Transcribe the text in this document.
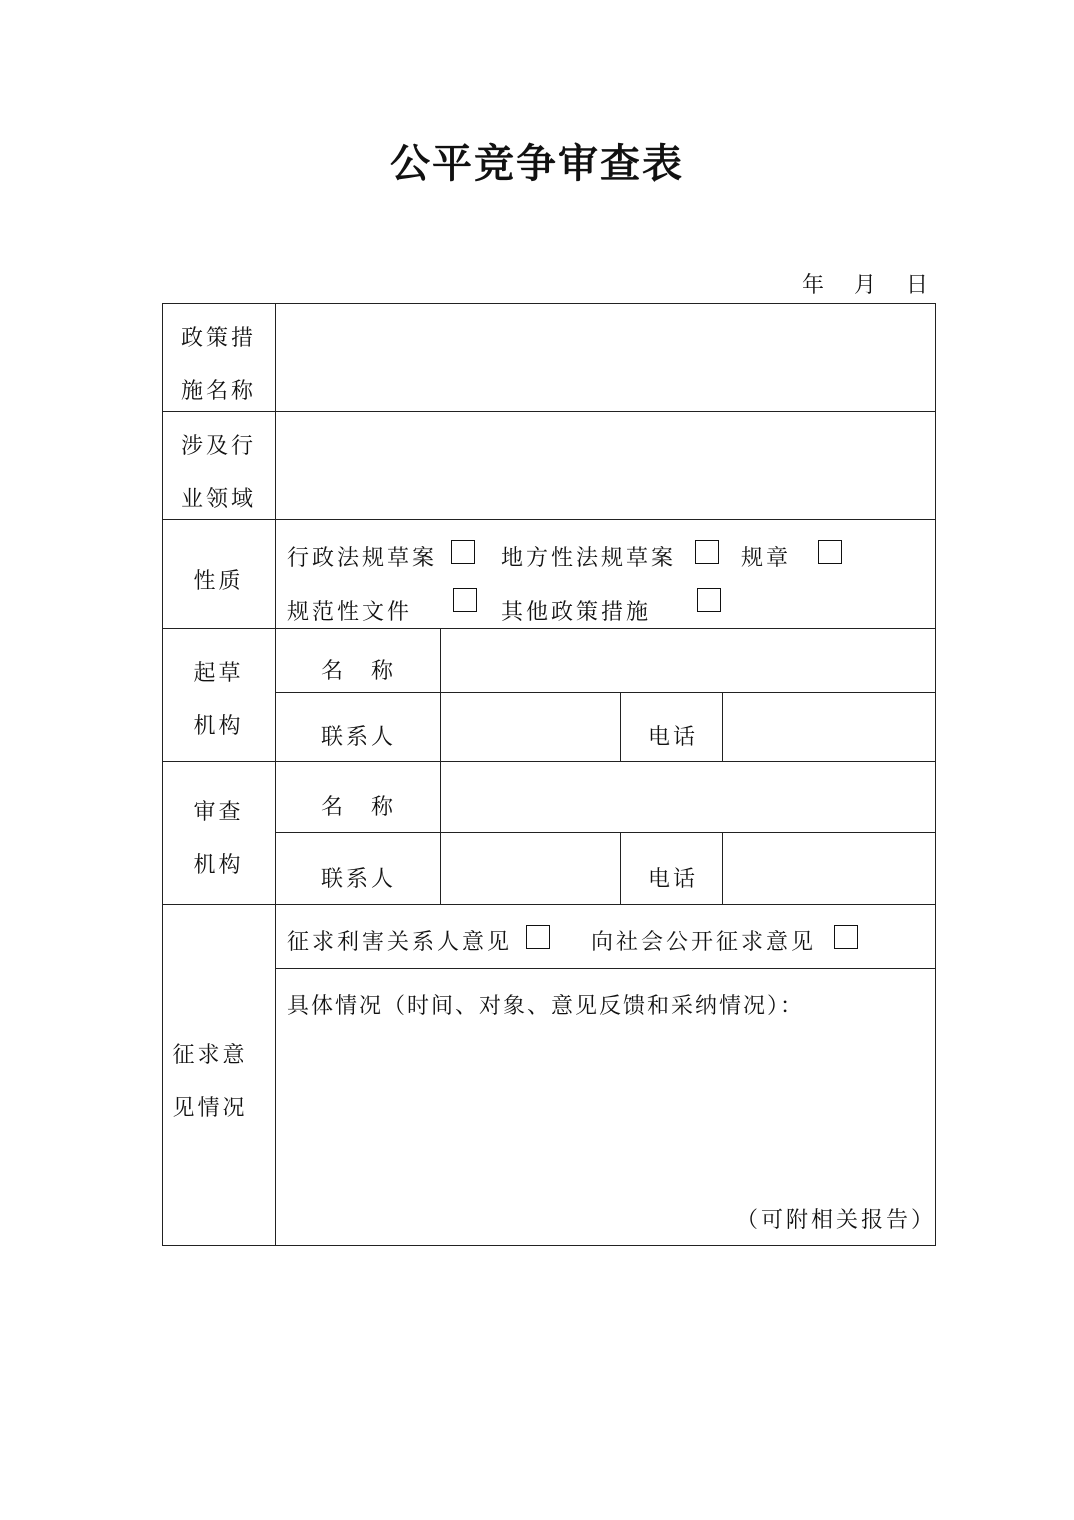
公平竞争审查表
年 月 日
政策措
施名称
涉及行
业领域
性质
行政法规草案	地方性法规草案	规章
规范性文件	其他政策措施
起草
机构
名　称
联系人	电话
审查
机构
名　称
联系人	电话
征求意
见情况
征求利害关系人意见	向社会公开征求意见
具体情况（时间、对象、意见反馈和采纳情况）：
（可附相关报告）
